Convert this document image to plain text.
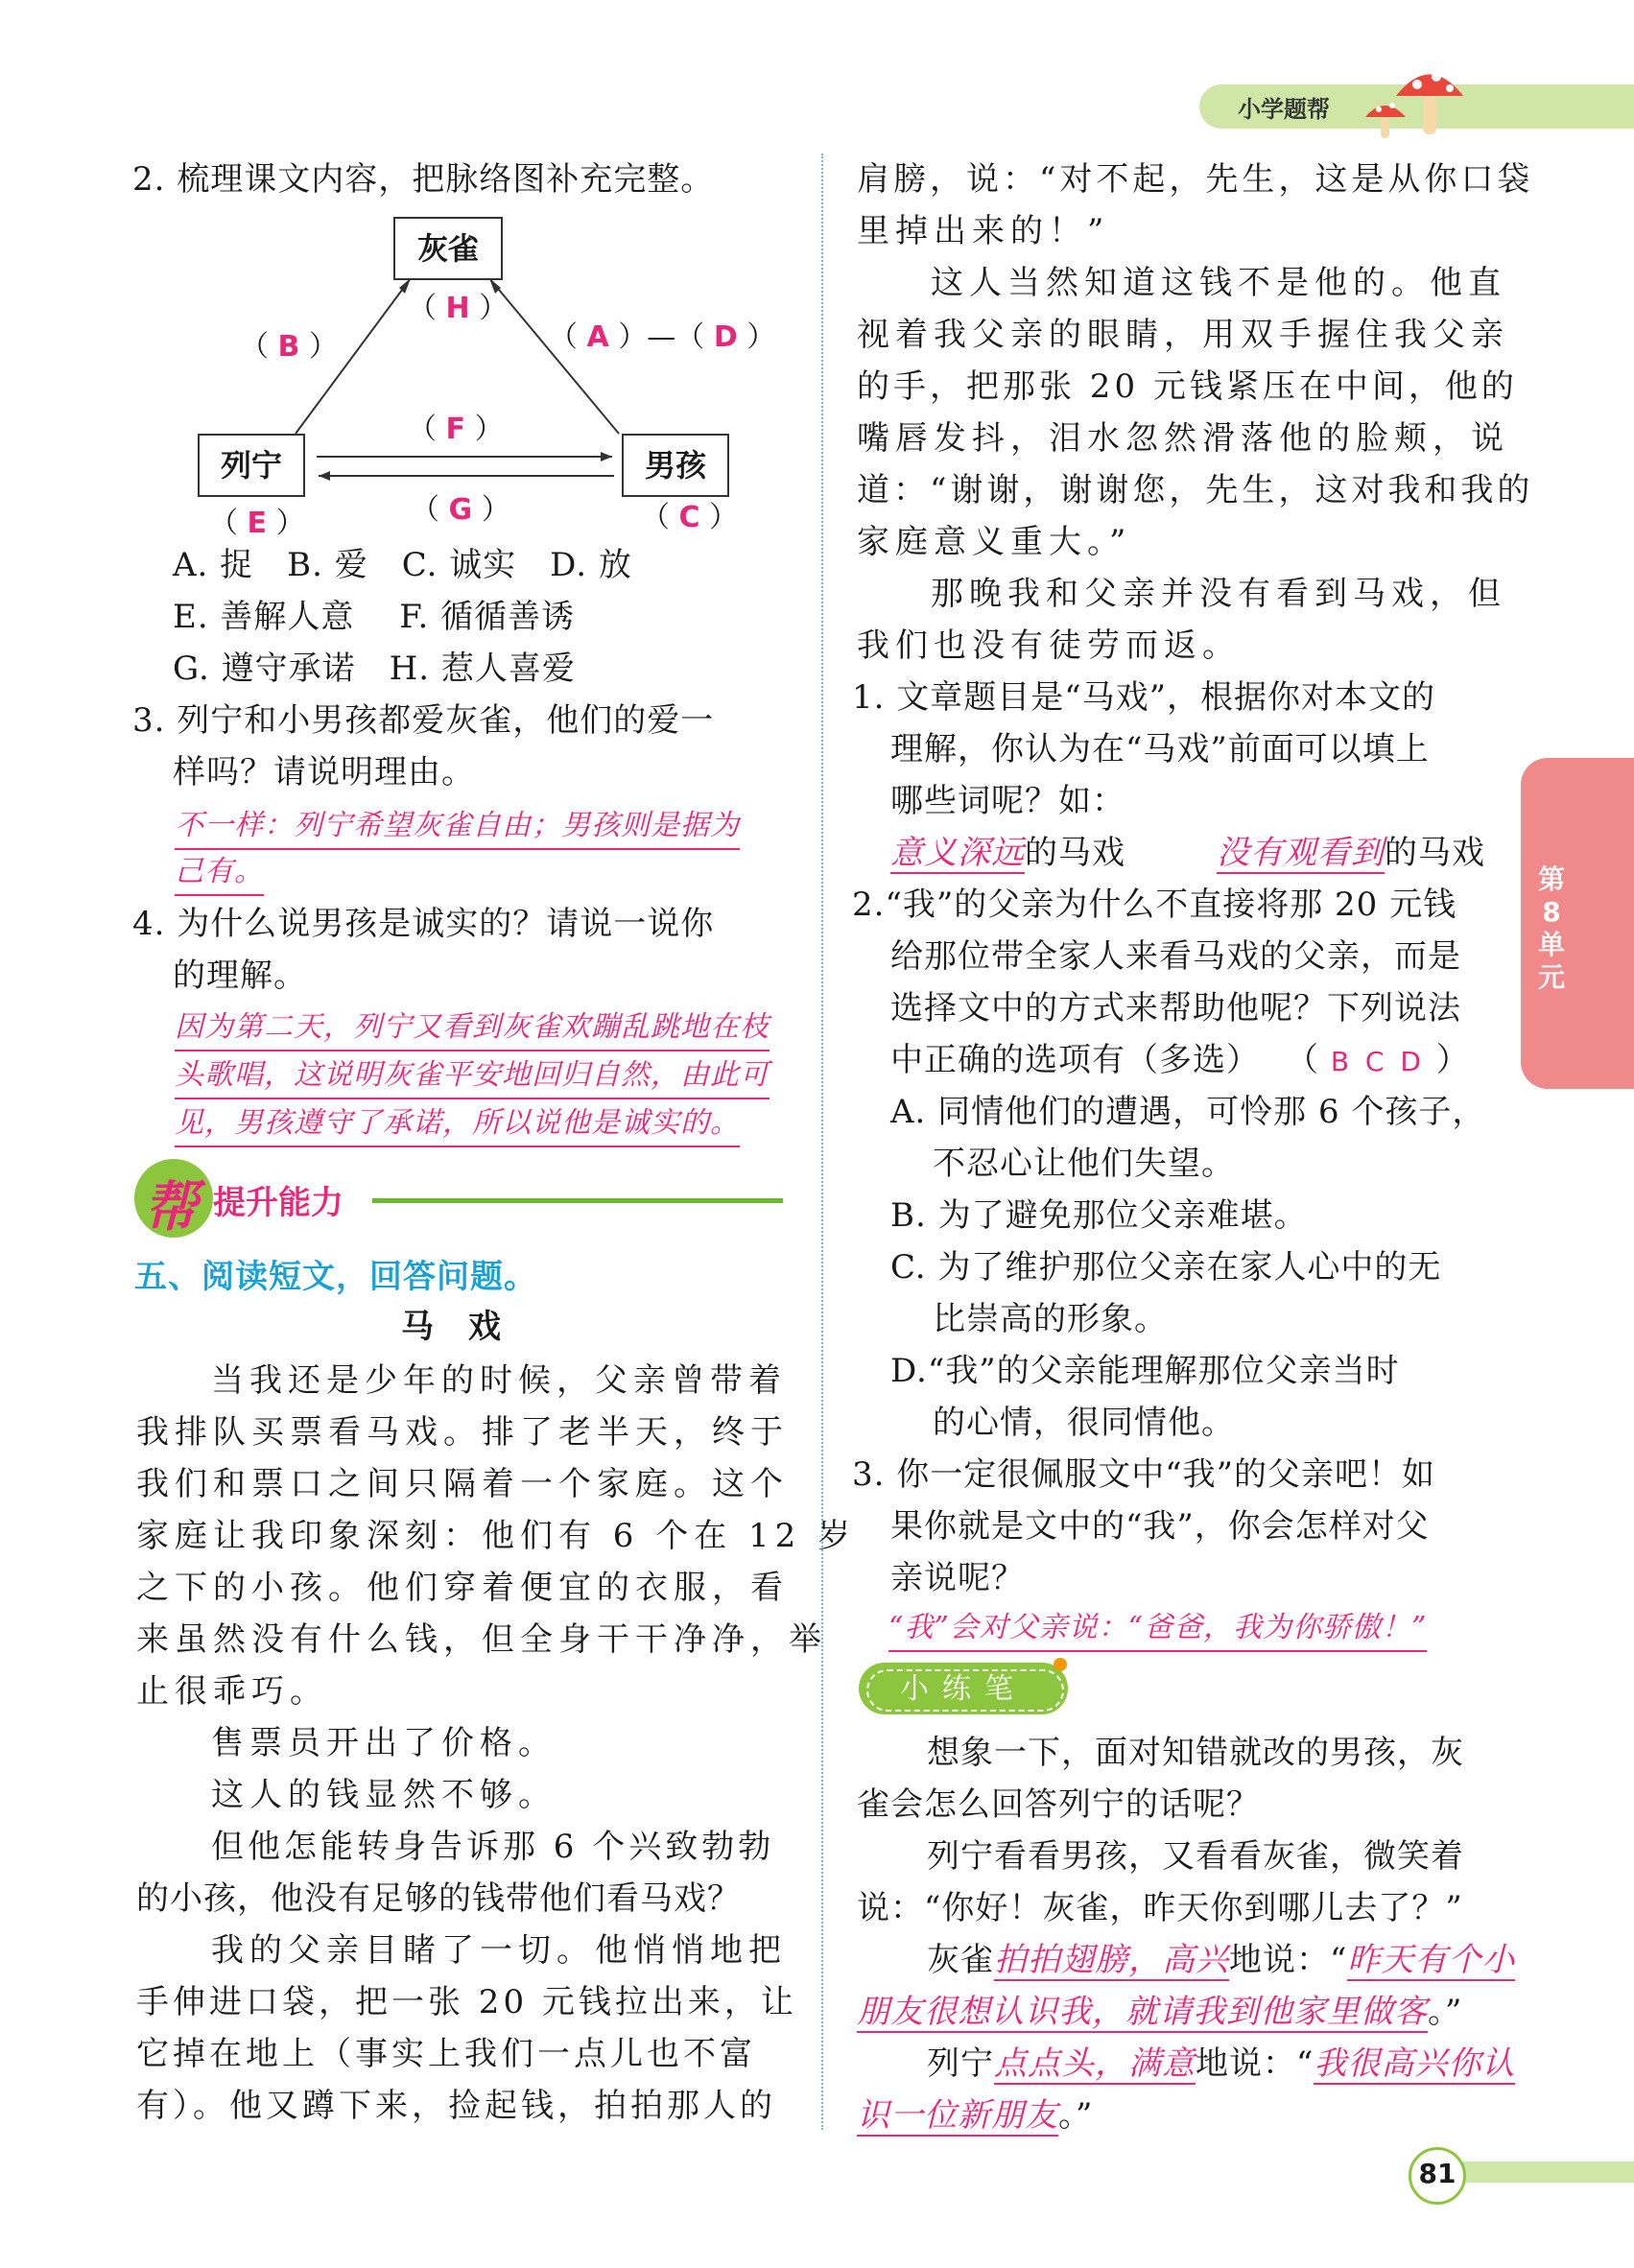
小学题帮
第8单元
2. 梳理课文内容，把脉络图补充完整。
灰雀
列宁	男孩
（ H ）
（ B ）	（ A ）—（ D ）
（ F ）
（ G ）
（ E ）	（ C ）
A. 捉　B. 爱　C. 诚实　D. 放
E. 善解人意　 F. 循循善诱
G. 遵守承诺　H. 惹人喜爱
3. 列宁和小男孩都爱灰雀，他们的爱一
样吗？请说明理由。
不一样：列宁希望灰雀自由；男孩则是据为
己有。
4. 为什么说男孩是诚实的？请说一说你
的理解。
因为第二天，列宁又看到灰雀欢蹦乱跳地在枝
头歌唱，这说明灰雀平安地回归自然，由此可
见，男孩遵守了承诺，所以说他是诚实的。
帮 提升能力
五、阅读短文，回答问题。
马　戏
当我还是少年的时候，父亲曾带着
我排队买票看马戏。排了老半天，终于
我们和票口之间只隔着一个家庭。这个
家庭让我印象深刻：他们有 6 个在 12 岁
之下的小孩。他们穿着便宜的衣服，看
来虽然没有什么钱，但全身干干净净，举
止很乖巧。
售票员开出了价格。
这人的钱显然不够。
但他怎能转身告诉那 6 个兴致勃勃
的小孩，他没有足够的钱带他们看马戏？
我的父亲目睹了一切。他悄悄地把
手伸进口袋，把一张 20 元钱拉出来，让
它掉在地上（事实上我们一点儿也不富
有）。他又蹲下来，捡起钱，拍拍那人的
肩膀，说：“对不起，先生，这是从你口袋
里掉出来的！”
这人当然知道这钱不是他的。他直
视着我父亲的眼睛，用双手握住我父亲
的手，把那张 20 元钱紧压在中间，他的
嘴唇发抖，泪水忽然滑落他的脸颊，说
道：“谢谢，谢谢您，先生，这对我和我的
家庭意义重大。”
那晚我和父亲并没有看到马戏，但
我们也没有徒劳而返。
1. 文章题目是“马戏”，根据你对本文的
理解，你认为在“马戏”前面可以填上
哪些词呢？如：
意义深远的马戏	没有观看到的马戏
2.“我”的父亲为什么不直接将那 20 元钱
给那位带全家人来看马戏的父亲，而是
选择文中的方式来帮助他呢？下列说法
中正确的选项有（多选） （ B C D ）
A. 同情他们的遭遇，可怜那 6 个孩子，
不忍心让他们失望。
B. 为了避免那位父亲难堪。
C. 为了维护那位父亲在家人心中的无
比崇高的形象。
D.“我”的父亲能理解那位父亲当时
的心情，很同情他。
3. 你一定很佩服文中“我”的父亲吧！如
果你就是文中的“我”，你会怎样对父
亲说呢？
“我”会对父亲说：“爸爸，我为你骄傲！”
小练笔
想象一下，面对知错就改的男孩，灰
雀会怎么回答列宁的话呢？
列宁看看男孩，又看看灰雀，微笑着
说：“你好！灰雀，昨天你到哪儿去了？”
灰雀拍拍翅膀，高兴地说：“昨天有个小
朋友很想认识我，就请我到他家里做客。”
列宁点点头，满意地说：“我很高兴你认
识一位新朋友。”
81
